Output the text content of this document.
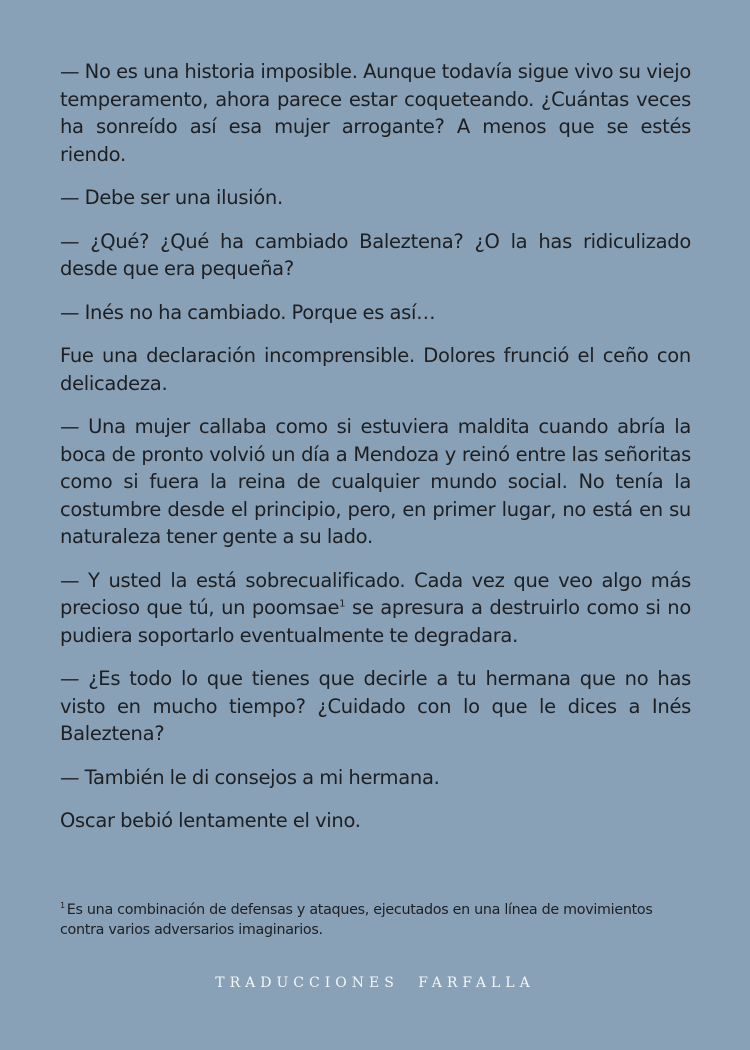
— No es una historia imposible. Aunque todavía sigue vivo su viejo temperamento, ahora parece estar coqueteando. ¿Cuántas veces ha sonreído así esa mujer arrogante? A menos que se estés riendo.

— Debe ser una ilusión.

— ¿Qué? ¿Qué ha cambiado Baleztena? ¿O la has ridiculizado desde que era pequeña?

— Inés no ha cambiado. Porque es así…

Fue una declaración incomprensible. Dolores frunció el ceño con delicadeza.

— Una mujer callaba como si estuviera maldita cuando abría la boca de pronto volvió un día a Mendoza y reinó entre las señoritas como si fuera la reina de cualquier mundo social. No tenía la costumbre desde el principio, pero, en primer lugar, no está en su naturaleza tener gente a su lado.

— Y usted la está sobrecualificado. Cada vez que veo algo más precioso que tú, un poomsae$^1$ se apresura a destruirlo como si no pudiera soportarlo eventualmente te degradara.

— ¿Es todo lo que tienes que decirle a tu hermana que no has visto en mucho tiempo? ¿Cuidado con lo que le dices a Inés Baleztena?

— También le di consejos a mi hermana.

Oscar bebió lentamente el vino.

$^1$ Es una combinación de defensas y ataques, ejecutados en una línea de movimientos contra varios adversarios imaginarios.
TRADUCCIONES FARFALLA
